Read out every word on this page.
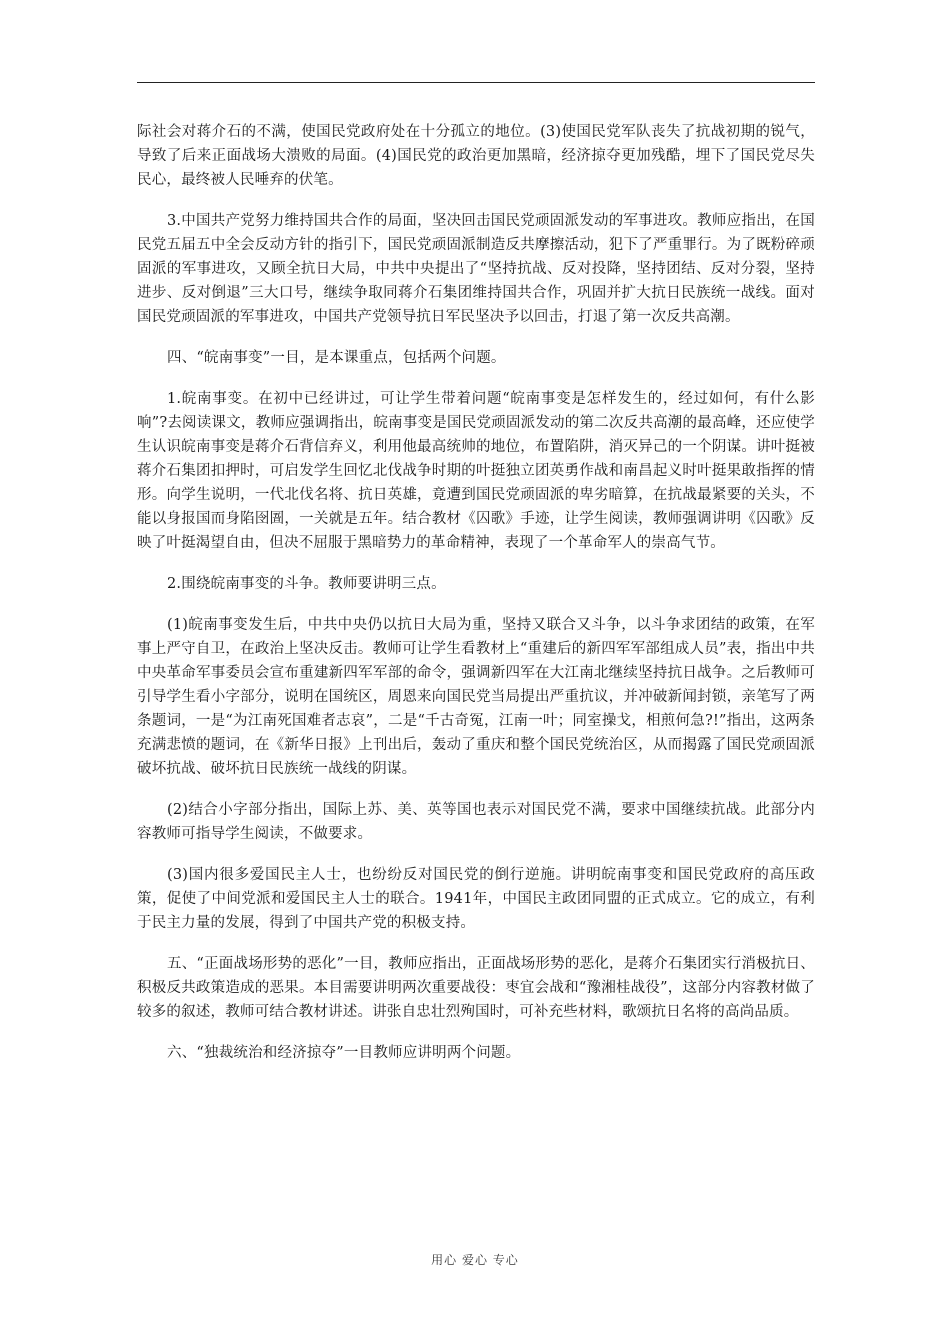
际社会对蒋介石的不满，使国民党政府处在十分孤立的地位。(3)使国民党军队丧失了抗战初期的锐气，导致了后来正面战场大溃败的局面。(4)国民党的政治更加黑暗，经济掠夺更加残酷，埋下了国民党尽失民心，最终被人民唾弃的伏笔。

3.中国共产党努力维持国共合作的局面，坚决回击国民党顽固派发动的军事进攻。教师应指出，在国民党五届五中全会反动方针的指引下，国民党顽固派制造反共摩擦活动，犯下了严重罪行。为了既粉碎顽固派的军事进攻，又顾全抗日大局，中共中央提出了“坚持抗战、反对投降，坚持团结、反对分裂，坚持进步、反对倒退”三大口号，继续争取同蒋介石集团维持国共合作，巩固并扩大抗日民族统一战线。面对国民党顽固派的军事进攻，中国共产党领导抗日军民坚决予以回击，打退了第一次反共高潮。

四、“皖南事变”一目，是本课重点，包括两个问题。

1.皖南事变。在初中已经讲过，可让学生带着问题“皖南事变是怎样发生的，经过如何，有什么影响”?去阅读课文，教师应强调指出，皖南事变是国民党顽固派发动的第二次反共高潮的最高峰，还应使学生认识皖南事变是蒋介石背信弃义，利用他最高统帅的地位，布置陷阱，消灭异己的一个阴谋。讲叶挺被蒋介石集团扣押时，可启发学生回忆北伐战争时期的叶挺独立团英勇作战和南昌起义时叶挺果敢指挥的情形。向学生说明，一代北伐名将、抗日英雄，竟遭到国民党顽固派的卑劣暗算，在抗战最紧要的关头，不能以身报国而身陷囹圄，一关就是五年。结合教材《囚歌》手迹，让学生阅读，教师强调讲明《囚歌》反映了叶挺渴望自由，但决不屈服于黑暗势力的革命精神，表现了一个革命军人的崇高气节。

2.围绕皖南事变的斗争。教师要讲明三点。

(1)皖南事变发生后，中共中央仍以抗日大局为重，坚持又联合又斗争，以斗争求团结的政策，在军事上严守自卫，在政治上坚决反击。教师可让学生看教材上“重建后的新四军军部组成人员”表，指出中共中央革命军事委员会宣布重建新四军军部的命令，强调新四军在大江南北继续坚持抗日战争。之后教师可引导学生看小字部分，说明在国统区，周恩来向国民党当局提出严重抗议，并冲破新闻封锁，亲笔写了两条题词，一是“为江南死国难者志哀”，二是“千古奇冤，江南一叶；同室操戈，相煎何急?!”指出，这两条充满悲愤的题词，在《新华日报》上刊出后，轰动了重庆和整个国民党统治区，从而揭露了国民党顽固派破坏抗战、破坏抗日民族统一战线的阴谋。

(2)结合小字部分指出，国际上苏、美、英等国也表示对国民党不满，要求中国继续抗战。此部分内容教师可指导学生阅读，不做要求。

(3)国内很多爱国民主人士，也纷纷反对国民党的倒行逆施。讲明皖南事变和国民党政府的高压政策，促使了中间党派和爱国民主人士的联合。1941年，中国民主政团同盟的正式成立。它的成立，有利于民主力量的发展，得到了中国共产党的积极支持。

五、“正面战场形势的恶化”一目，教师应指出，正面战场形势的恶化，是蒋介石集团实行消极抗日、积极反共政策造成的恶果。本目需要讲明两次重要战役：枣宜会战和“豫湘桂战役”，这部分内容教材做了较多的叙述，教师可结合教材讲述。讲张自忠壮烈殉国时，可补充些材料，歌颂抗日名将的高尚品质。

六、“独裁统治和经济掠夺”一目教师应讲明两个问题。

用心 爱心 专心
